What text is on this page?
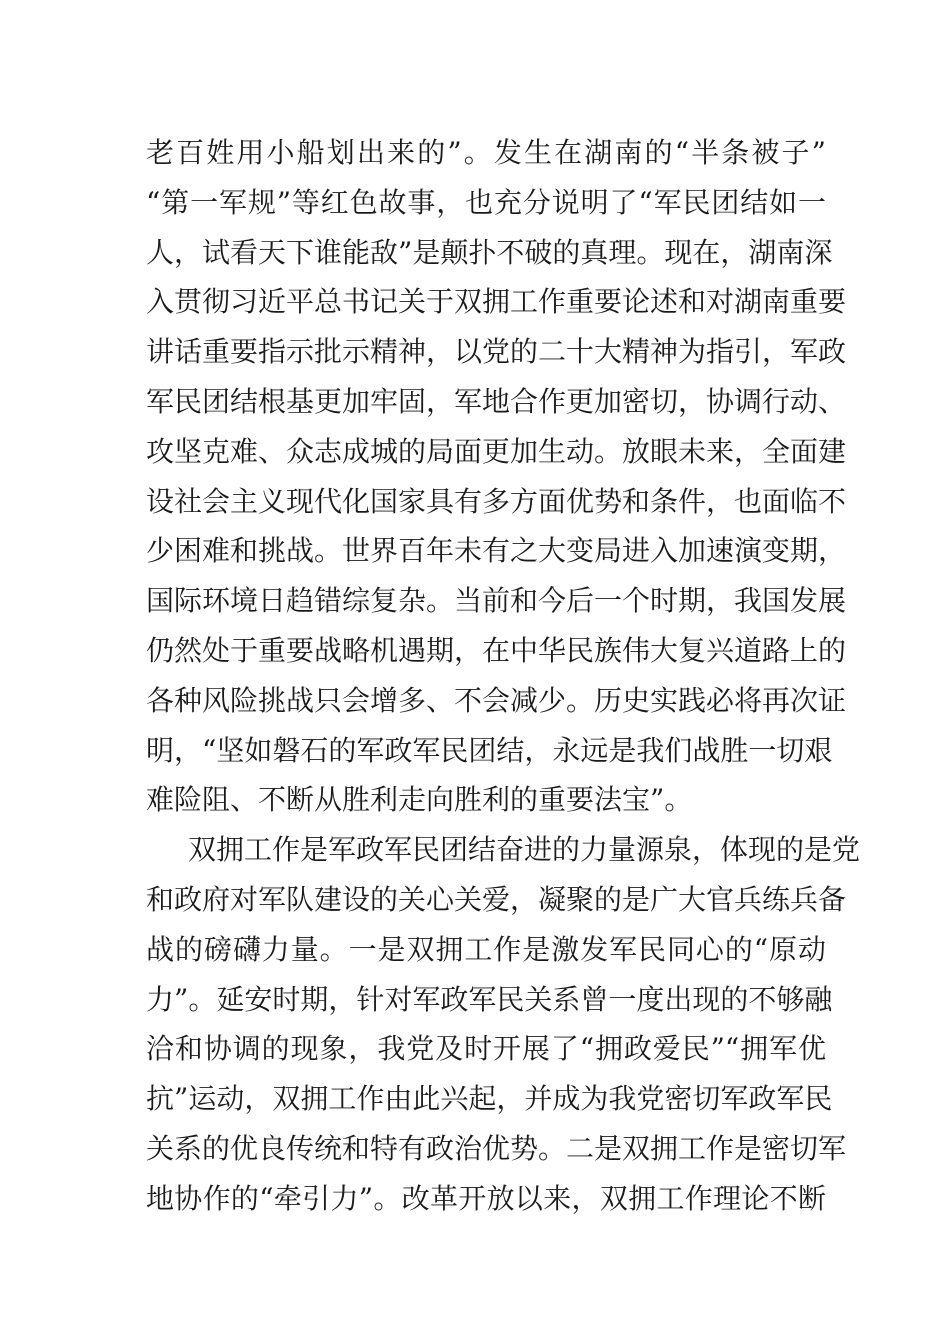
老百姓用小船划出来的”。发生在湖南的“半条被子”
“第一军规”等红色故事，也充分说明了“军民团结如一
人，试看天下谁能敌”是颠扑不破的真理。现在，湖南深
入贯彻习近平总书记关于双拥工作重要论述和对湖南重要
讲话重要指示批示精神，以党的二十大精神为指引，军政
军民团结根基更加牢固，军地合作更加密切，协调行动、
攻坚克难、众志成城的局面更加生动。放眼未来，全面建
设社会主义现代化国家具有多方面优势和条件，也面临不
少困难和挑战。世界百年未有之大变局进入加速演变期，
国际环境日趋错综复杂。当前和今后一个时期，我国发展
仍然处于重要战略机遇期，在中华民族伟大复兴道路上的
各种风险挑战只会增多、不会减少。历史实践必将再次证
明，“坚如磐石的军政军民团结，永远是我们战胜一切艰
难险阻、不断从胜利走向胜利的重要法宝”。
双拥工作是军政军民团结奋进的力量源泉，体现的是党
和政府对军队建设的关心关爱，凝聚的是广大官兵练兵备
战的磅礴力量。一是双拥工作是激发军民同心的“原动
力”。延安时期，针对军政军民关系曾一度出现的不够融
洽和协调的现象，我党及时开展了“拥政爱民”“拥军优
抗”运动，双拥工作由此兴起，并成为我党密切军政军民
关系的优良传统和特有政治优势。二是双拥工作是密切军
地协作的“牵引力”。改革开放以来，双拥工作理论不断
